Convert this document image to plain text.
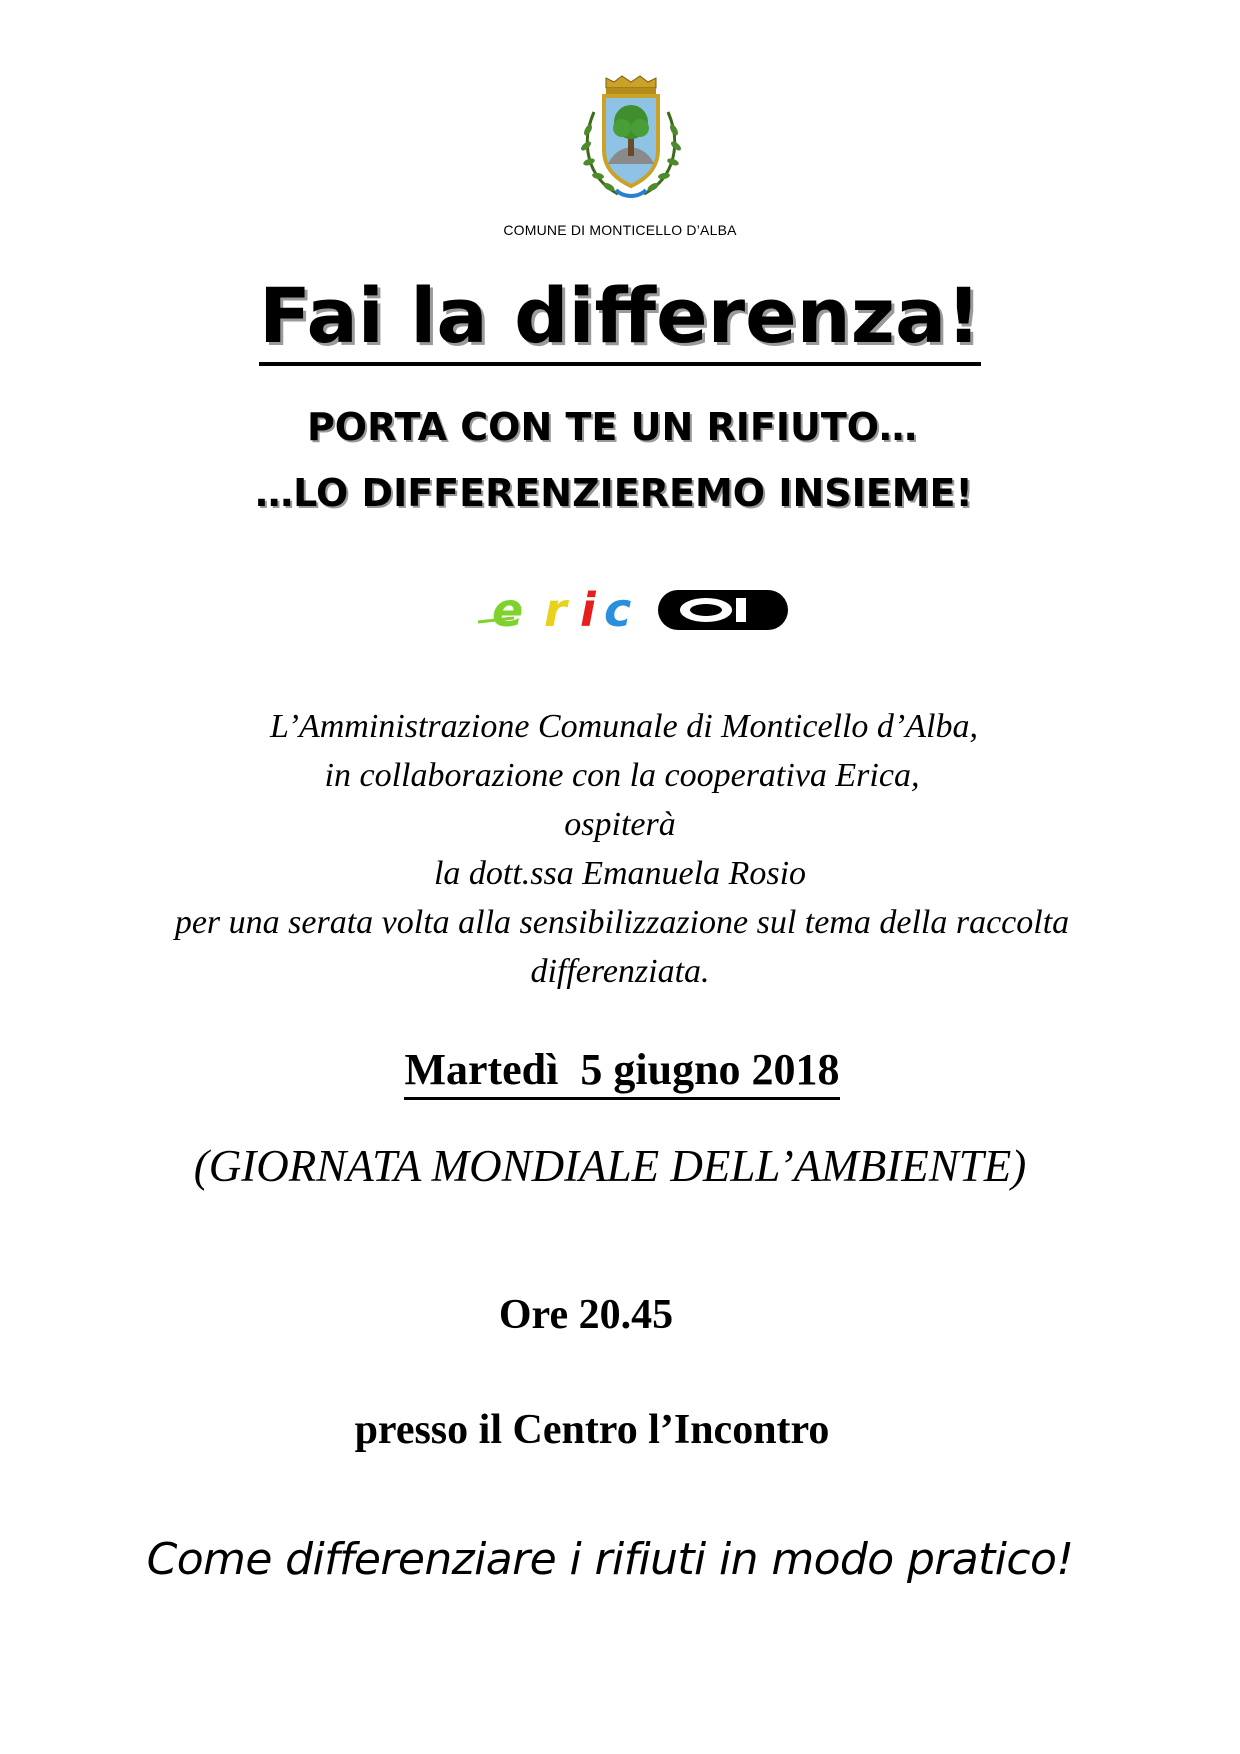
COMUNE DI MONTICELLO D’ALBA
Fai la differenza!
PORTA CON TE UN RIFIUTO…
…LO DIFFERENZIEREMO INSIEME!
e r i c
L’Amministrazione Comunale di Monticello d’Alba,
in collaborazione con la cooperativa Erica,
ospiterà
la dott.ssa Emanuela Rosio
per una serata volta alla sensibilizzazione sul tema della raccolta
differenziata.
Martedì  5 giugno 2018
(GIORNATA MONDIALE DELL’AMBIENTE)
Ore 20.45
presso il Centro l’Incontro
Come differenziare i rifiuti in modo pratico!
